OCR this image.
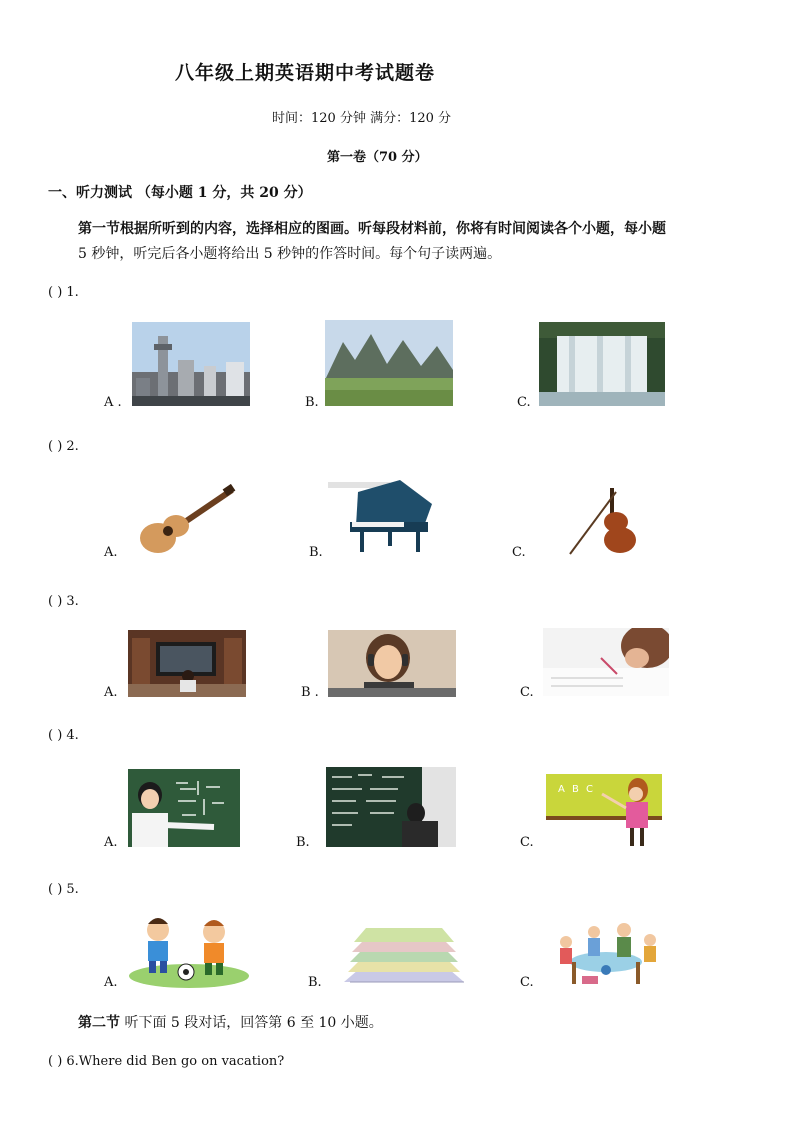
八年级上期英语期中考试题卷
时间：120 分钟 满分：120 分
第一卷（70 分）
一、听力测试 （每小题 1 分，共 20 分）
第一节根据所听到的内容，选择相应的图画。听每段材料前，你将有时间阅读各个小题，每小题
5 秒钟，听完后各小题将给出 5 秒钟的作答时间。每个句子读两遍。
( ) 1.
A .	B.	C.
( ) 2.
A.	B.	C.
( ) 3.
A.	B .	C.
( ) 4.
A.	B.	C.
A B C
( ) 5.
A.	B.	C.
第二节 听下面 5 段对话，回答第 6 至 10 小题。
( ) 6.Where did Ben go on vacation?
